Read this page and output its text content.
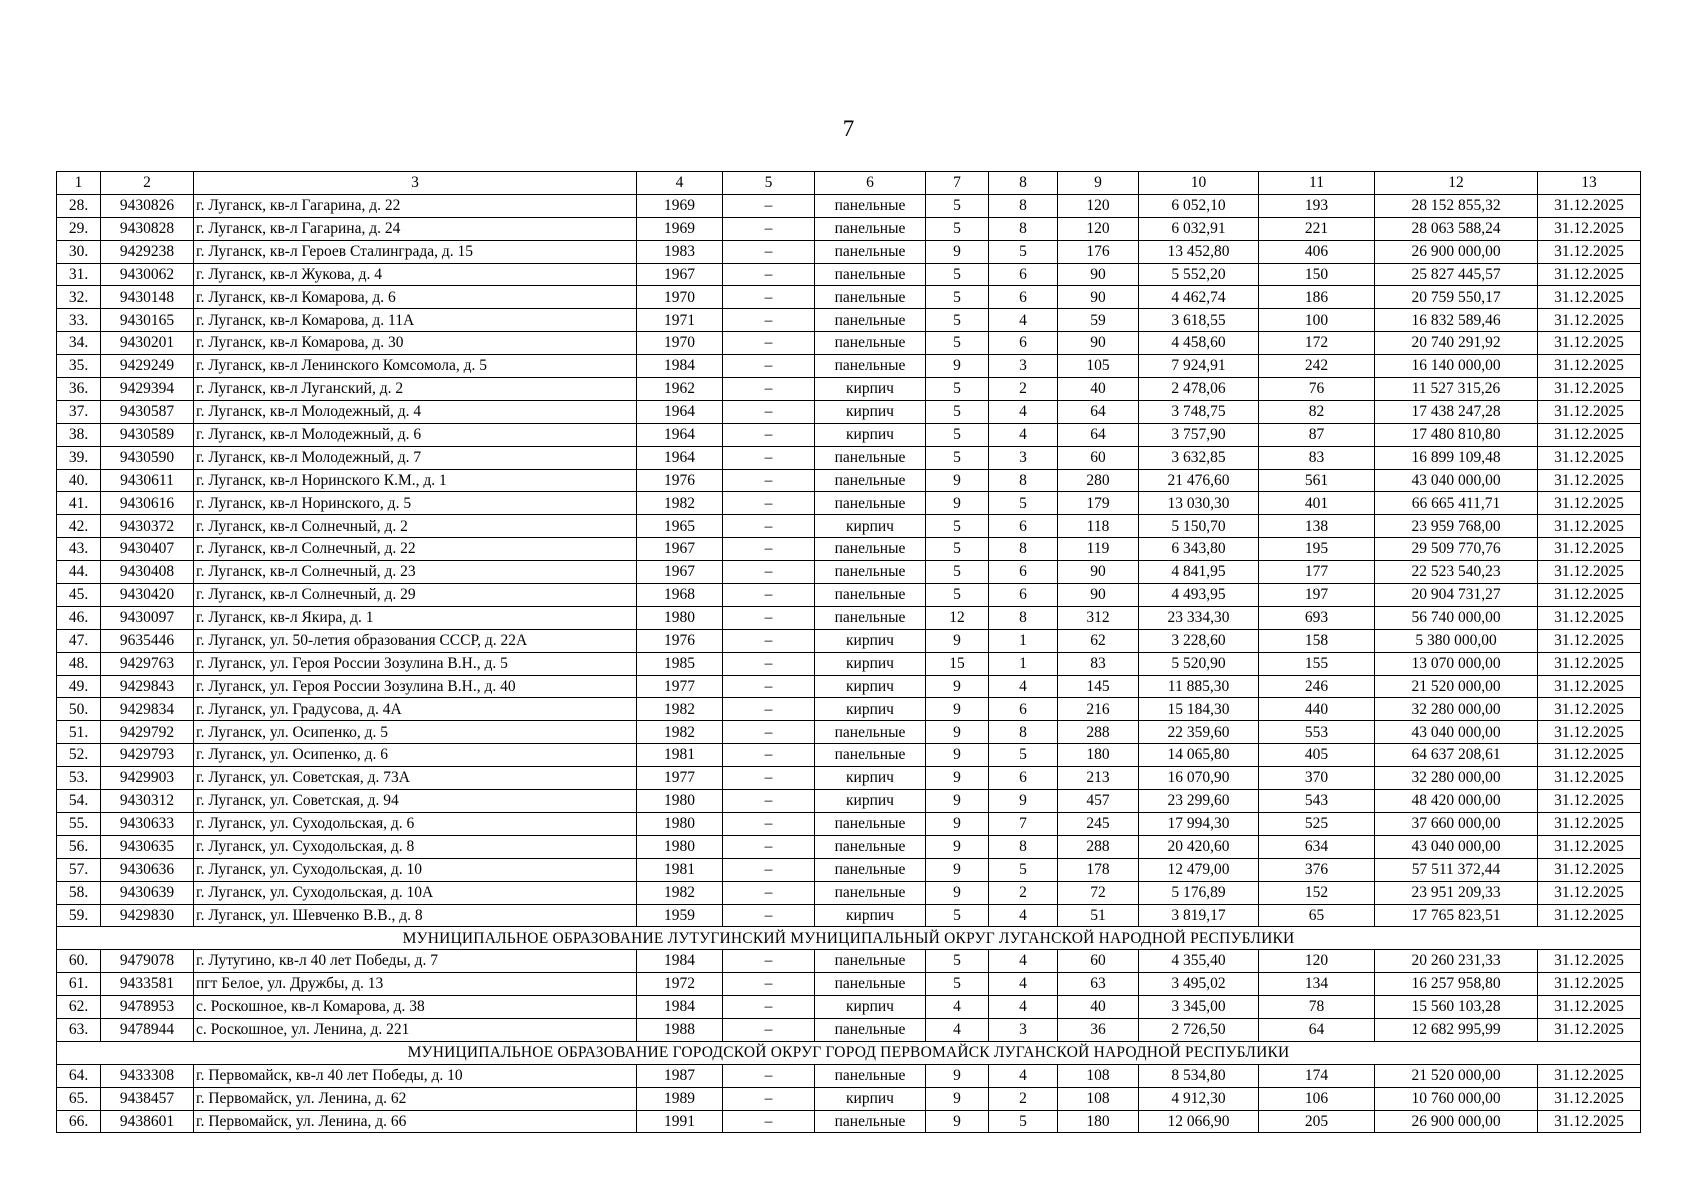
7
1	2	3	4	5	6	7	8	9	10	11	12	13
28.	9430826	г. Луганск, кв-л Гагарина, д. 22	1969	–	панельные	5	8	120	6 052,10	193	28 152 855,32	31.12.2025
29.	9430828	г. Луганск, кв-л Гагарина, д. 24	1969	–	панельные	5	8	120	6 032,91	221	28 063 588,24	31.12.2025
30.	9429238	г. Луганск, кв-л Героев Сталинграда, д. 15	1983	–	панельные	9	5	176	13 452,80	406	26 900 000,00	31.12.2025
31.	9430062	г. Луганск, кв-л Жукова, д. 4	1967	–	панельные	5	6	90	5 552,20	150	25 827 445,57	31.12.2025
32.	9430148	г. Луганск, кв-л Комарова, д. 6	1970	–	панельные	5	6	90	4 462,74	186	20 759 550,17	31.12.2025
33.	9430165	г. Луганск, кв-л Комарова, д. 11А	1971	–	панельные	5	4	59	3 618,55	100	16 832 589,46	31.12.2025
34.	9430201	г. Луганск, кв-л Комарова, д. 30	1970	–	панельные	5	6	90	4 458,60	172	20 740 291,92	31.12.2025
35.	9429249	г. Луганск, кв-л Ленинского Комсомола, д. 5	1984	–	панельные	9	3	105	7 924,91	242	16 140 000,00	31.12.2025
36.	9429394	г. Луганск, кв-л Луганский, д. 2	1962	–	кирпич	5	2	40	2 478,06	76	11 527 315,26	31.12.2025
37.	9430587	г. Луганск, кв-л Молодежный, д. 4	1964	–	кирпич	5	4	64	3 748,75	82	17 438 247,28	31.12.2025
38.	9430589	г. Луганск, кв-л Молодежный, д. 6	1964	–	кирпич	5	4	64	3 757,90	87	17 480 810,80	31.12.2025
39.	9430590	г. Луганск, кв-л Молодежный, д. 7	1964	–	панельные	5	3	60	3 632,85	83	16 899 109,48	31.12.2025
40.	9430611	г. Луганск, кв-л Норинского К.М., д. 1	1976	–	панельные	9	8	280	21 476,60	561	43 040 000,00	31.12.2025
41.	9430616	г. Луганск, кв-л Норинского, д. 5	1982	–	панельные	9	5	179	13 030,30	401	66 665 411,71	31.12.2025
42.	9430372	г. Луганск, кв-л Солнечный, д. 2	1965	–	кирпич	5	6	118	5 150,70	138	23 959 768,00	31.12.2025
43.	9430407	г. Луганск, кв-л Солнечный, д. 22	1967	–	панельные	5	8	119	6 343,80	195	29 509 770,76	31.12.2025
44.	9430408	г. Луганск, кв-л Солнечный, д. 23	1967	–	панельные	5	6	90	4 841,95	177	22 523 540,23	31.12.2025
45.	9430420	г. Луганск, кв-л Солнечный, д. 29	1968	–	панельные	5	6	90	4 493,95	197	20 904 731,27	31.12.2025
46.	9430097	г. Луганск, кв-л Якира, д. 1	1980	–	панельные	12	8	312	23 334,30	693	56 740 000,00	31.12.2025
47.	9635446	г. Луганск, ул. 50-летия образования СССР, д. 22А	1976	–	кирпич	9	1	62	3 228,60	158	5 380 000,00	31.12.2025
48.	9429763	г. Луганск, ул. Героя России Зозулина В.Н., д. 5	1985	–	кирпич	15	1	83	5 520,90	155	13 070 000,00	31.12.2025
49.	9429843	г. Луганск, ул. Героя России Зозулина В.Н., д. 40	1977	–	кирпич	9	4	145	11 885,30	246	21 520 000,00	31.12.2025
50.	9429834	г. Луганск, ул. Градусова, д. 4А	1982	–	кирпич	9	6	216	15 184,30	440	32 280 000,00	31.12.2025
51.	9429792	г. Луганск, ул. Осипенко, д. 5	1982	–	панельные	9	8	288	22 359,60	553	43 040 000,00	31.12.2025
52.	9429793	г. Луганск, ул. Осипенко, д. 6	1981	–	панельные	9	5	180	14 065,80	405	64 637 208,61	31.12.2025
53.	9429903	г. Луганск, ул. Советская, д. 73А	1977	–	кирпич	9	6	213	16 070,90	370	32 280 000,00	31.12.2025
54.	9430312	г. Луганск, ул. Советская, д. 94	1980	–	кирпич	9	9	457	23 299,60	543	48 420 000,00	31.12.2025
55.	9430633	г. Луганск, ул. Суходольская, д. 6	1980	–	панельные	9	7	245	17 994,30	525	37 660 000,00	31.12.2025
56.	9430635	г. Луганск, ул. Суходольская, д. 8	1980	–	панельные	9	8	288	20 420,60	634	43 040 000,00	31.12.2025
57.	9430636	г. Луганск, ул. Суходольская, д. 10	1981	–	панельные	9	5	178	12 479,00	376	57 511 372,44	31.12.2025
58.	9430639	г. Луганск, ул. Суходольская, д. 10А	1982	–	панельные	9	2	72	5 176,89	152	23 951 209,33	31.12.2025
59.	9429830	г. Луганск, ул. Шевченко В.В., д. 8	1959	–	кирпич	5	4	51	3 819,17	65	17 765 823,51	31.12.2025
МУНИЦИПАЛЬНОЕ ОБРАЗОВАНИЕ ЛУТУГИНСКИЙ МУНИЦИПАЛЬНЫЙ ОКРУГ ЛУГАНСКОЙ НАРОДНОЙ РЕСПУБЛИКИ												
60.	9479078	г. Лутугино, кв-л 40 лет Победы, д. 7	1984	–	панельные	5	4	60	4 355,40	120	20 260 231,33	31.12.2025
61.	9433581	пгт Белое, ул. Дружбы, д. 13	1972	–	панельные	5	4	63	3 495,02	134	16 257 958,80	31.12.2025
62.	9478953	с. Роскошное, кв-л Комарова, д. 38	1984	–	кирпич	4	4	40	3 345,00	78	15 560 103,28	31.12.2025
63.	9478944	с. Роскошное, ул. Ленина, д. 221	1988	–	панельные	4	3	36	2 726,50	64	12 682 995,99	31.12.2025
МУНИЦИПАЛЬНОЕ ОБРАЗОВАНИЕ ГОРОДСКОЙ ОКРУГ ГОРОД ПЕРВОМАЙСК ЛУГАНСКОЙ НАРОДНОЙ РЕСПУБЛИКИ												
64.	9433308	г. Первомайск, кв-л 40 лет Победы, д. 10	1987	–	панельные	9	4	108	8 534,80	174	21 520 000,00	31.12.2025
65.	9438457	г. Первомайск, ул. Ленина, д. 62	1989	–	кирпич	9	2	108	4 912,30	106	10 760 000,00	31.12.2025
66.	9438601	г. Первомайск, ул. Ленина, д. 66	1991	–	панельные	9	5	180	12 066,90	205	26 900 000,00	31.12.2025
